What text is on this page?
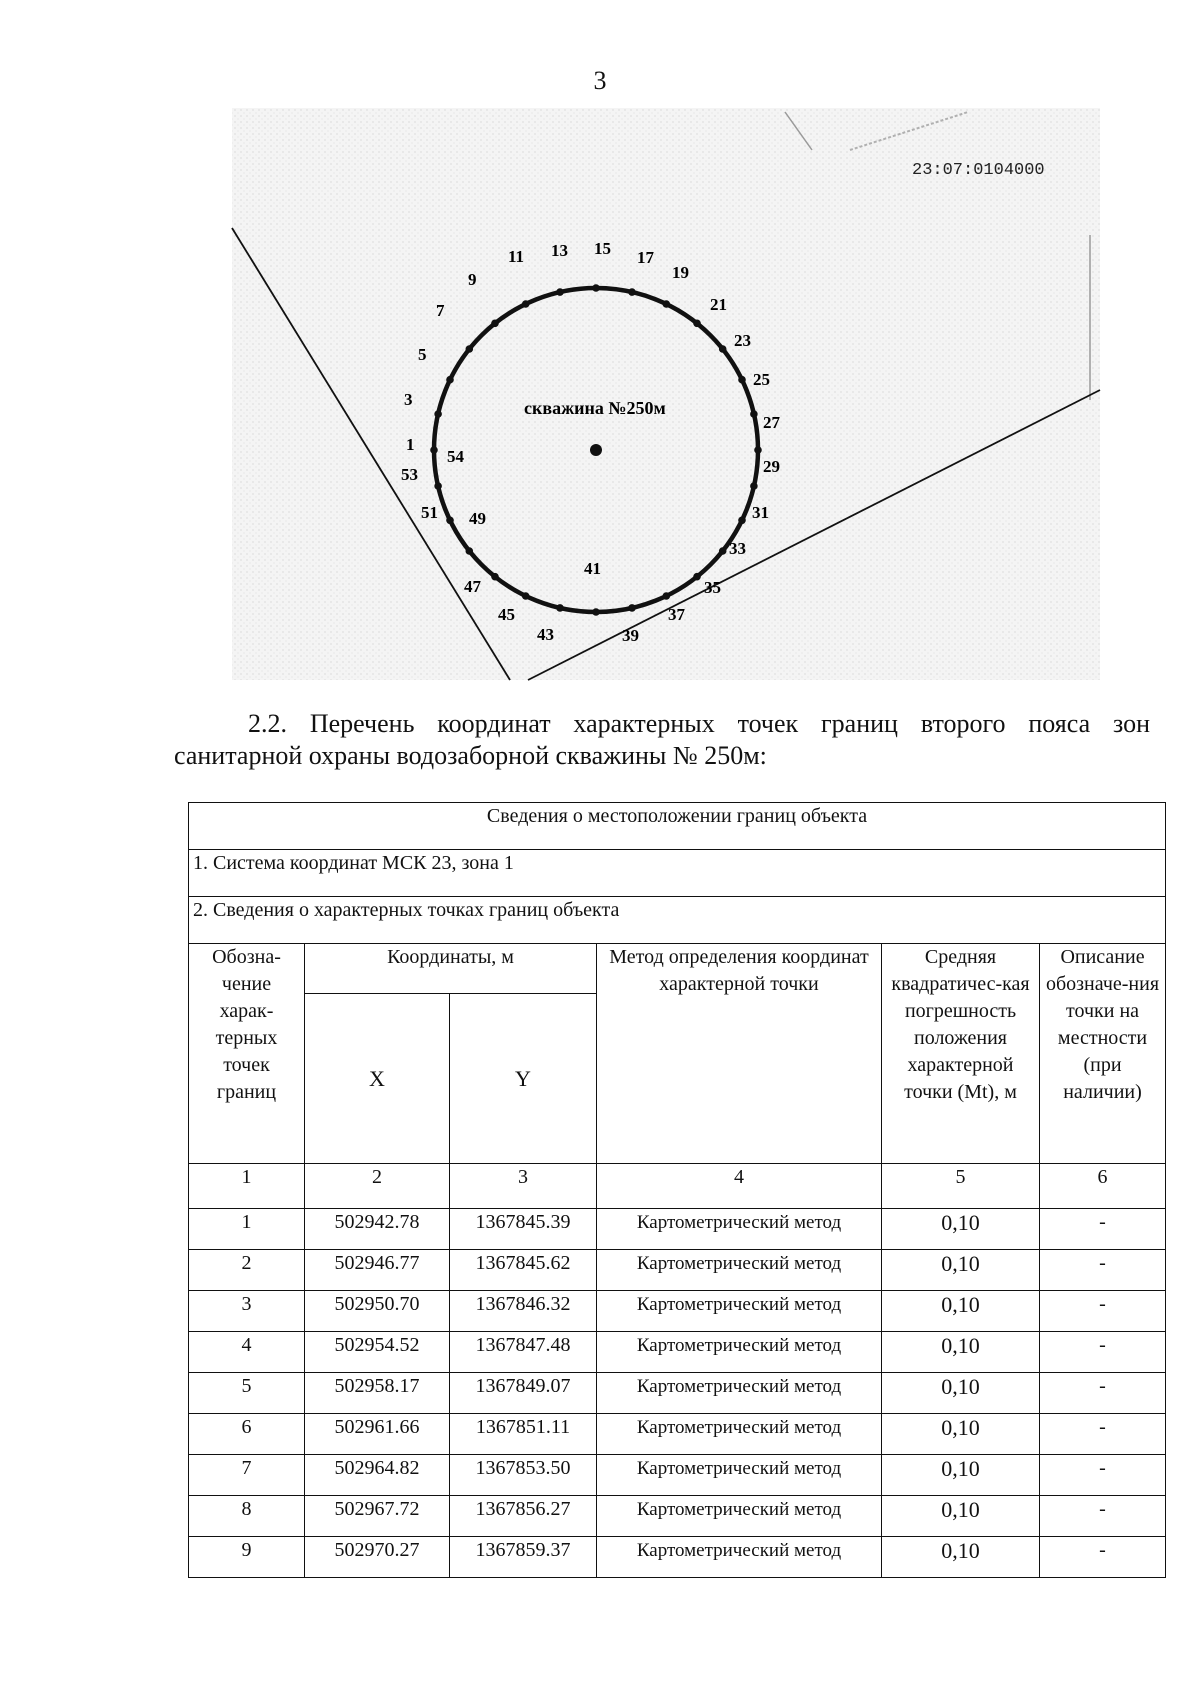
3
скважина №250м
23:07:0104000
1
3
5
7
9
11 13 15 17
19
21
23
25
27
29
31
33
35
37
39
41
43
45
47
49
51
53
54
2.2. Перечень координат характерных точек границ второго пояса зон санитарной охраны водозаборной скважины № 250м:
Сведения о местоположении границ объекта					
1. Система координат МСК 23, зона 1					
2. Сведения о характерных точках границ объекта					
Обозна-чение харак-терных точек границ	Координаты, м		Метод определения координат характерной точки	Средняя квадратичес-кая погрешность положения характерной точки (Mt), м	Описание обозначе-ния точки на местности (при наличии)
	X	Y			
1	2	3	4	5	6
1	502942.78	1367845.39	Картометрический метод	0,10	-
2	502946.77	1367845.62	Картометрический метод	0,10	-
3	502950.70	1367846.32	Картометрический метод	0,10	-
4	502954.52	1367847.48	Картометрический метод	0,10	-
5	502958.17	1367849.07	Картометрический метод	0,10	-
6	502961.66	1367851.11	Картометрический метод	0,10	-
7	502964.82	1367853.50	Картометрический метод	0,10	-
8	502967.72	1367856.27	Картометрический метод	0,10	-
9	502970.27	1367859.37	Картометрический метод	0,10	-
